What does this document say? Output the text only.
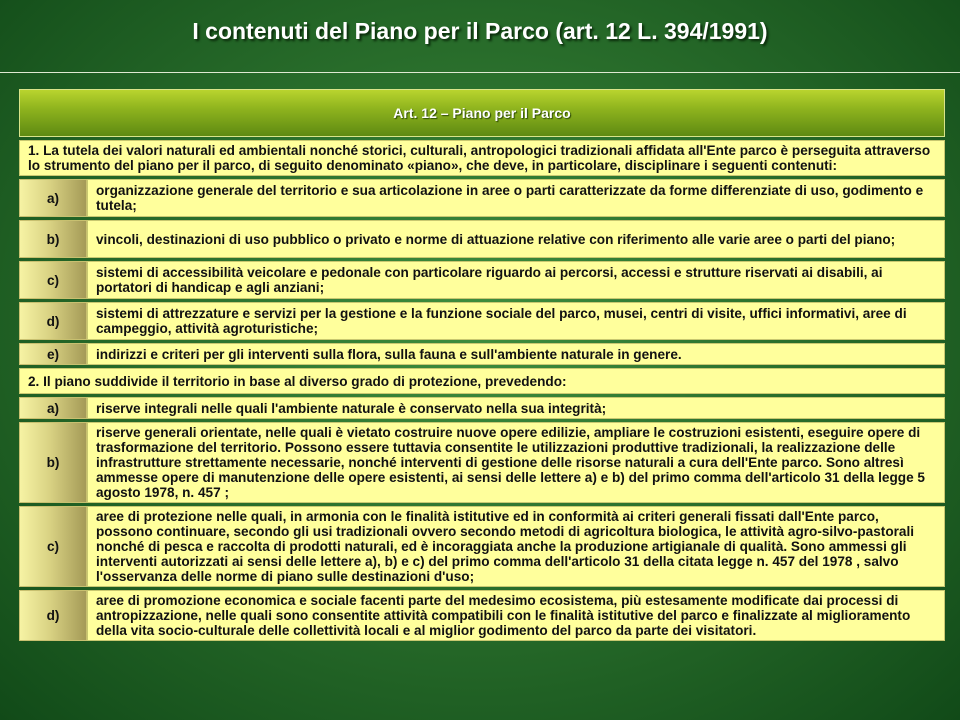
I contenuti del Piano per il Parco (art. 12 L. 394/1991)
Art. 12 – Piano per il Parco	
1. La tutela dei valori naturali ed ambientali nonché storici, culturali, antropologici tradizionali affidata all'Ente parco è perseguita attraverso lo strumento del piano per il parco, di seguito denominato «piano», che deve, in particolare, disciplinare i seguenti contenuti:	
a)	organizzazione generale del territorio e sua articolazione in aree o parti caratterizzate da forme differenziate di uso, godimento e tutela;
b)	vincoli, destinazioni di uso pubblico o privato e norme di attuazione relative con riferimento alle varie aree o parti del piano;
c)	sistemi di accessibilità veicolare e pedonale con particolare riguardo ai percorsi, accessi e strutture riservati ai disabili, ai portatori di handicap e agli anziani;
d)	sistemi di attrezzature e servizi per la gestione e la funzione sociale del parco, musei, centri di visite, uffici informativi, aree di campeggio, attività agroturistiche;
e)	indirizzi e criteri per gli interventi sulla flora, sulla fauna e sull'ambiente naturale in genere.
2. Il piano suddivide il territorio in base al diverso grado di protezione, prevedendo:	
a)	riserve integrali nelle quali l'ambiente naturale è conservato nella sua integrità;
b)	riserve generali orientate, nelle quali è vietato costruire nuove opere edilizie, ampliare le costruzioni esistenti, eseguire opere di trasformazione del territorio. Possono essere tuttavia consentite le utilizzazioni produttive tradizionali, la realizzazione delle infrastrutture strettamente necessarie, nonché interventi di gestione delle risorse naturali a cura dell'Ente parco. Sono altresì ammesse opere di manutenzione delle opere esistenti, ai sensi delle lettere a) e b) del primo comma dell'articolo 31 della legge 5 agosto 1978, n. 457 ;
c)	aree di protezione nelle quali, in armonia con le finalità istitutive ed in conformità ai criteri generali fissati dall'Ente parco, possono continuare, secondo gli usi tradizionali ovvero secondo metodi di agricoltura biologica, le attività agro-silvo-pastorali nonché di pesca e raccolta di prodotti naturali, ed è incoraggiata anche la produzione artigianale di qualità. Sono ammessi gli interventi autorizzati ai sensi delle lettere a), b) e c) del primo comma dell'articolo 31 della citata legge n. 457 del 1978 , salvo l'osservanza delle norme di piano sulle destinazioni d'uso;
d)	aree di promozione economica e sociale facenti parte del medesimo ecosistema, più estesamente modificate dai processi di antropizzazione, nelle quali sono consentite attività compatibili con le finalità istitutive del parco e finalizzate al miglioramento della vita socio-culturale delle collettività locali e al miglior godimento del parco da parte dei visitatori.
